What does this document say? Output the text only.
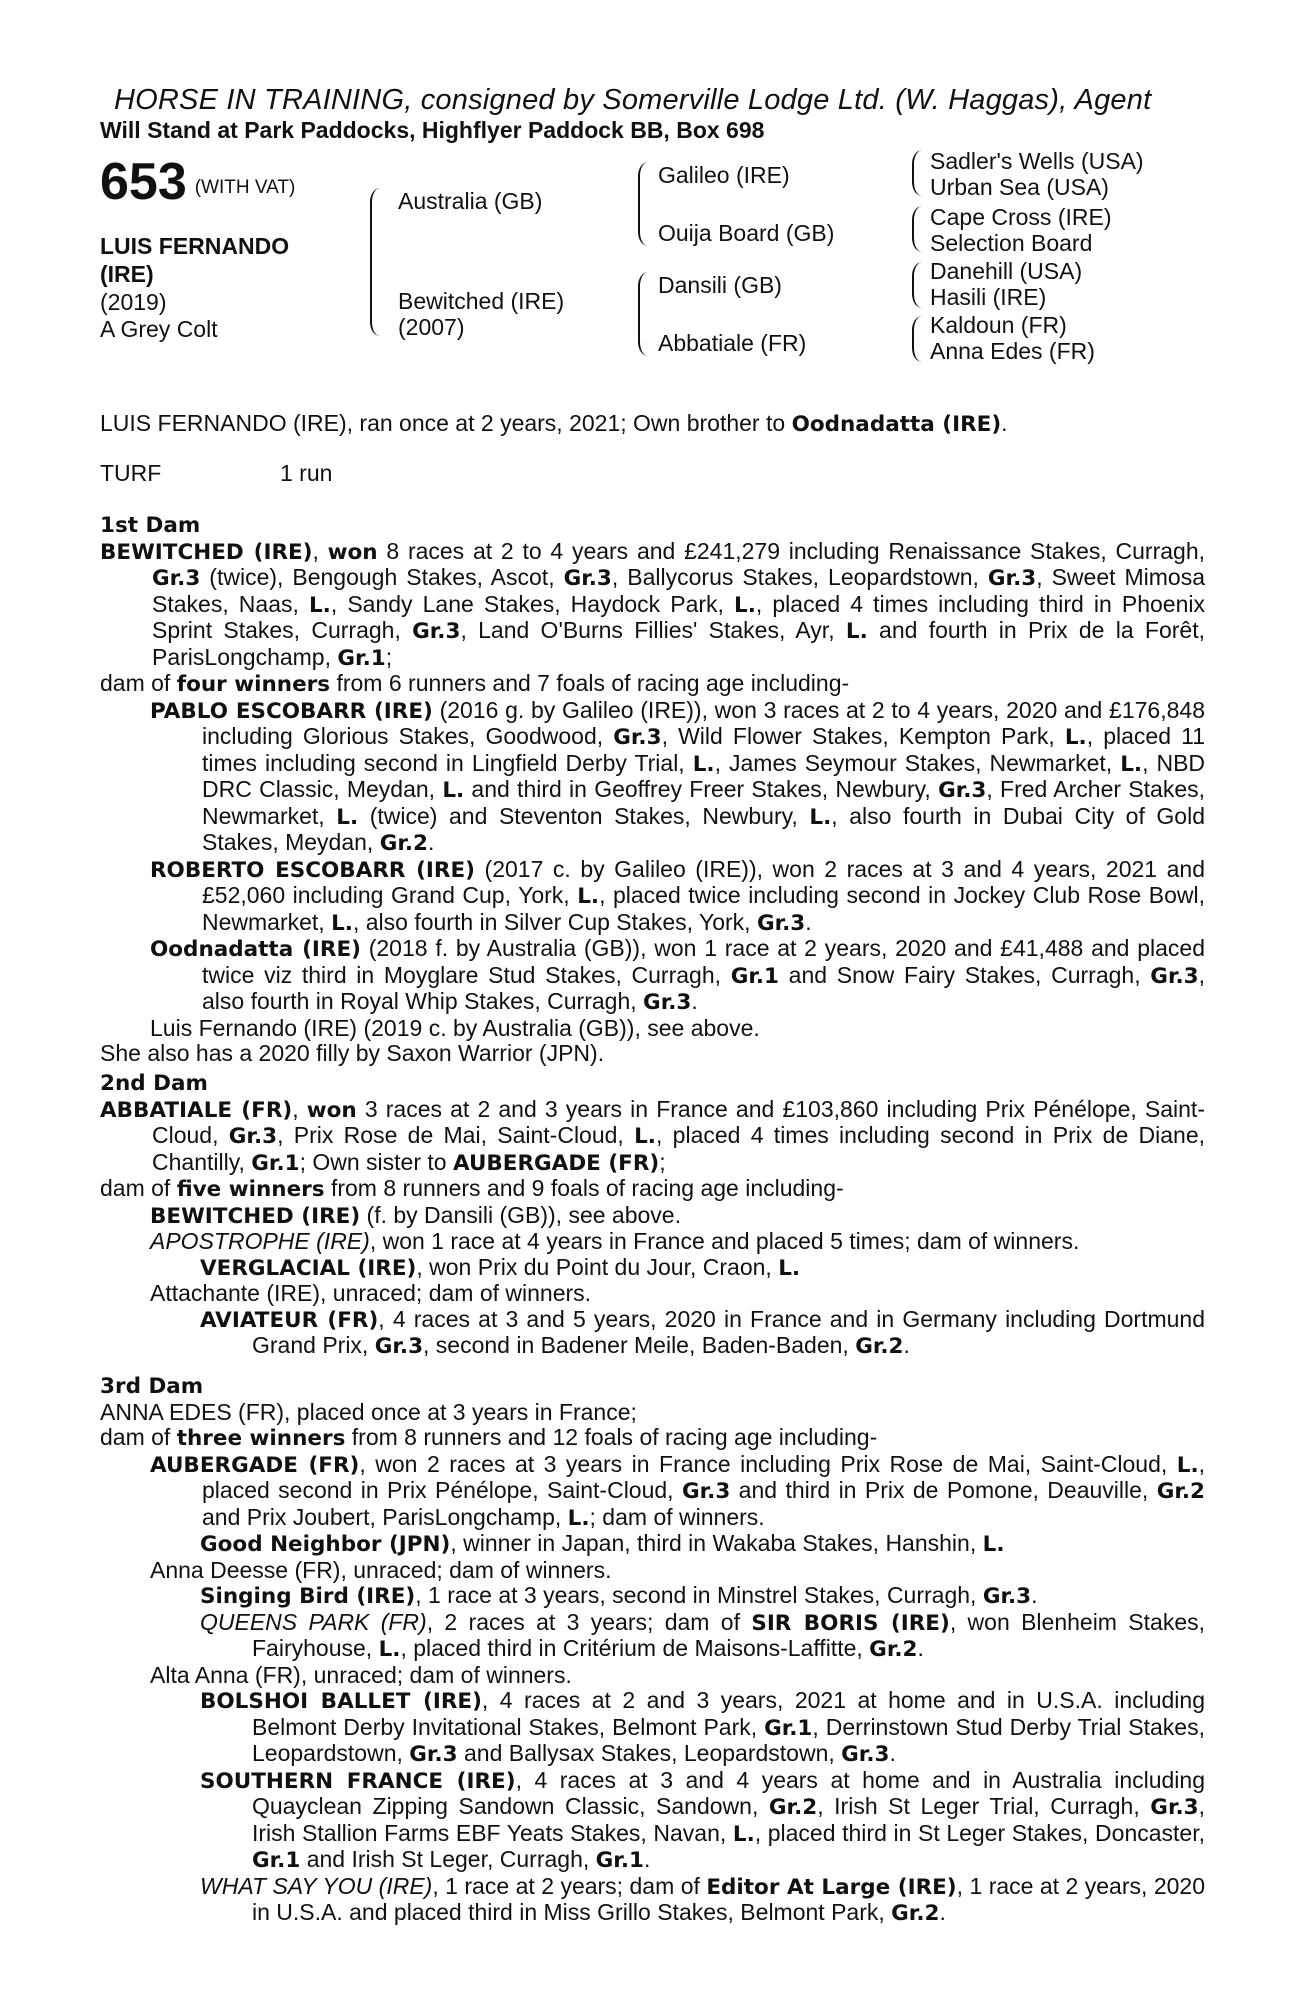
HORSE IN TRAINING, consigned by Somerville Lodge Ltd. (W. Haggas), Agent
Will Stand at Park Paddocks, Highflyer Paddock BB, Box 698
653 (WITH VAT)
LUIS FERNANDO (IRE)
(2019)
A Grey Colt
Australia (GB)
Bewitched (IRE)
(2007)
Galileo (IRE)
Ouija Board (GB)
Dansili (GB)
Abbatiale (FR)
Sadler's Wells (USA)
Urban Sea (USA)
Cape Cross (IRE)
Selection Board
Danehill (USA)
Hasili (IRE)
Kaldoun (FR)
Anna Edes (FR)
LUIS FERNANDO (IRE), ran once at 2 years, 2021; Own brother to Oodnadatta (IRE).
TURF	1 run
1st Dam
BEWITCHED (IRE), won 8 races at 2 to 4 years and £241,279 including Renaissance Stakes, Curragh, Gr.3 (twice), Bengough Stakes, Ascot, Gr.3, Ballycorus Stakes, Leopardstown, Gr.3, Sweet Mimosa Stakes, Naas, L., Sandy Lane Stakes, Haydock Park, L., placed 4 times including third in Phoenix Sprint Stakes, Curragh, Gr.3, Land O'Burns Fillies' Stakes, Ayr, L. and fourth in Prix de la Forêt, ParisLongchamp, Gr.1;
dam of four winners from 6 runners and 7 foals of racing age including-
PABLO ESCOBARR (IRE) (2016 g. by Galileo (IRE)), won 3 races at 2 to 4 years, 2020 and £176,848 including Glorious Stakes, Goodwood, Gr.3, Wild Flower Stakes, Kempton Park, L., placed 11 times including second in Lingfield Derby Trial, L., James Seymour Stakes, Newmarket, L., NBD DRC Classic, Meydan, L. and third in Geoffrey Freer Stakes, Newbury, Gr.3, Fred Archer Stakes, Newmarket, L. (twice) and Steventon Stakes, Newbury, L., also fourth in Dubai City of Gold Stakes, Meydan, Gr.2.
ROBERTO ESCOBARR (IRE) (2017 c. by Galileo (IRE)), won 2 races at 3 and 4 years, 2021 and £52,060 including Grand Cup, York, L., placed twice including second in Jockey Club Rose Bowl, Newmarket, L., also fourth in Silver Cup Stakes, York, Gr.3.
Oodnadatta (IRE) (2018 f. by Australia (GB)), won 1 race at 2 years, 2020 and £41,488 and placed twice viz third in Moyglare Stud Stakes, Curragh, Gr.1 and Snow Fairy Stakes, Curragh, Gr.3, also fourth in Royal Whip Stakes, Curragh, Gr.3.
Luis Fernando (IRE) (2019 c. by Australia (GB)), see above.
She also has a 2020 filly by Saxon Warrior (JPN).
2nd Dam
ABBATIALE (FR), won 3 races at 2 and 3 years in France and £103,860 including Prix Pénélope, Saint-Cloud, Gr.3, Prix Rose de Mai, Saint-Cloud, L., placed 4 times including second in Prix de Diane, Chantilly, Gr.1; Own sister to AUBERGADE (FR);
dam of five winners from 8 runners and 9 foals of racing age including-
BEWITCHED (IRE) (f. by Dansili (GB)), see above.
APOSTROPHE (IRE), won 1 race at 4 years in France and placed 5 times; dam of winners.
VERGLACIAL (IRE), won Prix du Point du Jour, Craon, L.
Attachante (IRE), unraced; dam of winners.
AVIATEUR (FR), 4 races at 3 and 5 years, 2020 in France and in Germany including Dortmund Grand Prix, Gr.3, second in Badener Meile, Baden-Baden, Gr.2.
3rd Dam
ANNA EDES (FR), placed once at 3 years in France;
dam of three winners from 8 runners and 12 foals of racing age including-
AUBERGADE (FR), won 2 races at 3 years in France including Prix Rose de Mai, Saint-Cloud, L., placed second in Prix Pénélope, Saint-Cloud, Gr.3 and third in Prix de Pomone, Deauville, Gr.2 and Prix Joubert, ParisLongchamp, L.; dam of winners.
Good Neighbor (JPN), winner in Japan, third in Wakaba Stakes, Hanshin, L.
Anna Deesse (FR), unraced; dam of winners.
Singing Bird (IRE), 1 race at 3 years, second in Minstrel Stakes, Curragh, Gr.3.
QUEENS PARK (FR), 2 races at 3 years; dam of SIR BORIS (IRE), won Blenheim Stakes, Fairyhouse, L., placed third in Critérium de Maisons-Laffitte, Gr.2.
Alta Anna (FR), unraced; dam of winners.
BOLSHOI BALLET (IRE), 4 races at 2 and 3 years, 2021 at home and in U.S.A. including Belmont Derby Invitational Stakes, Belmont Park, Gr.1, Derrinstown Stud Derby Trial Stakes, Leopardstown, Gr.3 and Ballysax Stakes, Leopardstown, Gr.3.
SOUTHERN FRANCE (IRE), 4 races at 3 and 4 years at home and in Australia including Quayclean Zipping Sandown Classic, Sandown, Gr.2, Irish St Leger Trial, Curragh, Gr.3, Irish Stallion Farms EBF Yeats Stakes, Navan, L., placed third in St Leger Stakes, Doncaster, Gr.1 and Irish St Leger, Curragh, Gr.1.
WHAT SAY YOU (IRE), 1 race at 2 years; dam of Editor At Large (IRE), 1 race at 2 years, 2020 in U.S.A. and placed third in Miss Grillo Stakes, Belmont Park, Gr.2.
